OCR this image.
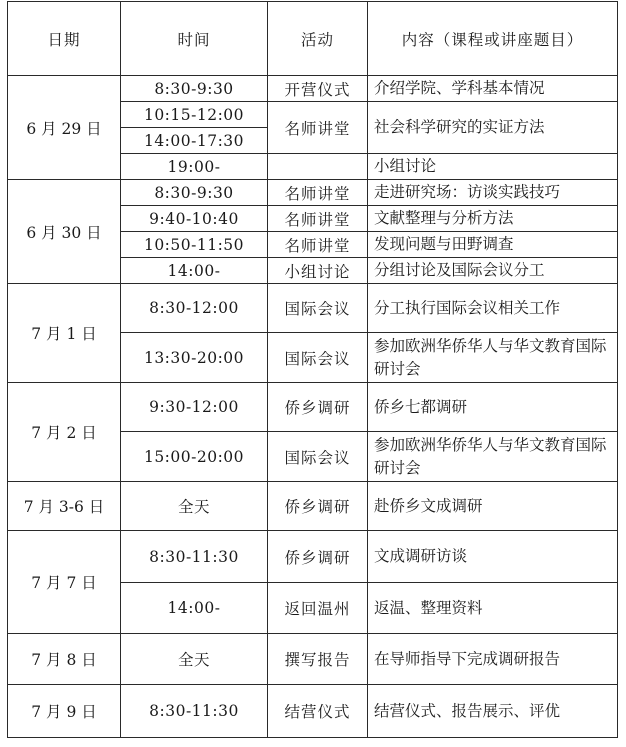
日期	时间	活动	内容（课程或讲座题目）
6 月 29 日	8:30-9:30	开营仪式	介绍学院、学科基本情况
	10:15-12:00	名师讲堂	社会科学研究的实证方法
	14:00-17:30		
	19:00-		小组讨论
6 月 30 日	8:30-9:30	名师讲堂	走进研究场：访谈实践技巧
	9:40-10:40	名师讲堂	文献整理与分析方法
	10:50-11:50	名师讲堂	发现问题与田野调查
	14:00-	小组讨论	分组讨论及国际会议分工
7 月 1 日	8:30-12:00	国际会议	分工执行国际会议相关工作
	13:30-20:00	国际会议	参加欧洲华侨华人与华文教育国际研讨会
7 月 2 日	9:30-12:00	侨乡调研	侨乡七都调研
	15:00-20:00	国际会议	参加欧洲华侨华人与华文教育国际研讨会
7 月 3-6 日	全天	侨乡调研	赴侨乡文成调研
7 月 7 日	8:30-11:30	侨乡调研	文成调研访谈
	14:00-	返回温州	返温、整理资料
7 月 8 日	全天	撰写报告	在导师指导下完成调研报告
7 月 9 日	8:30-11:30	结营仪式	结营仪式、报告展示、评优
